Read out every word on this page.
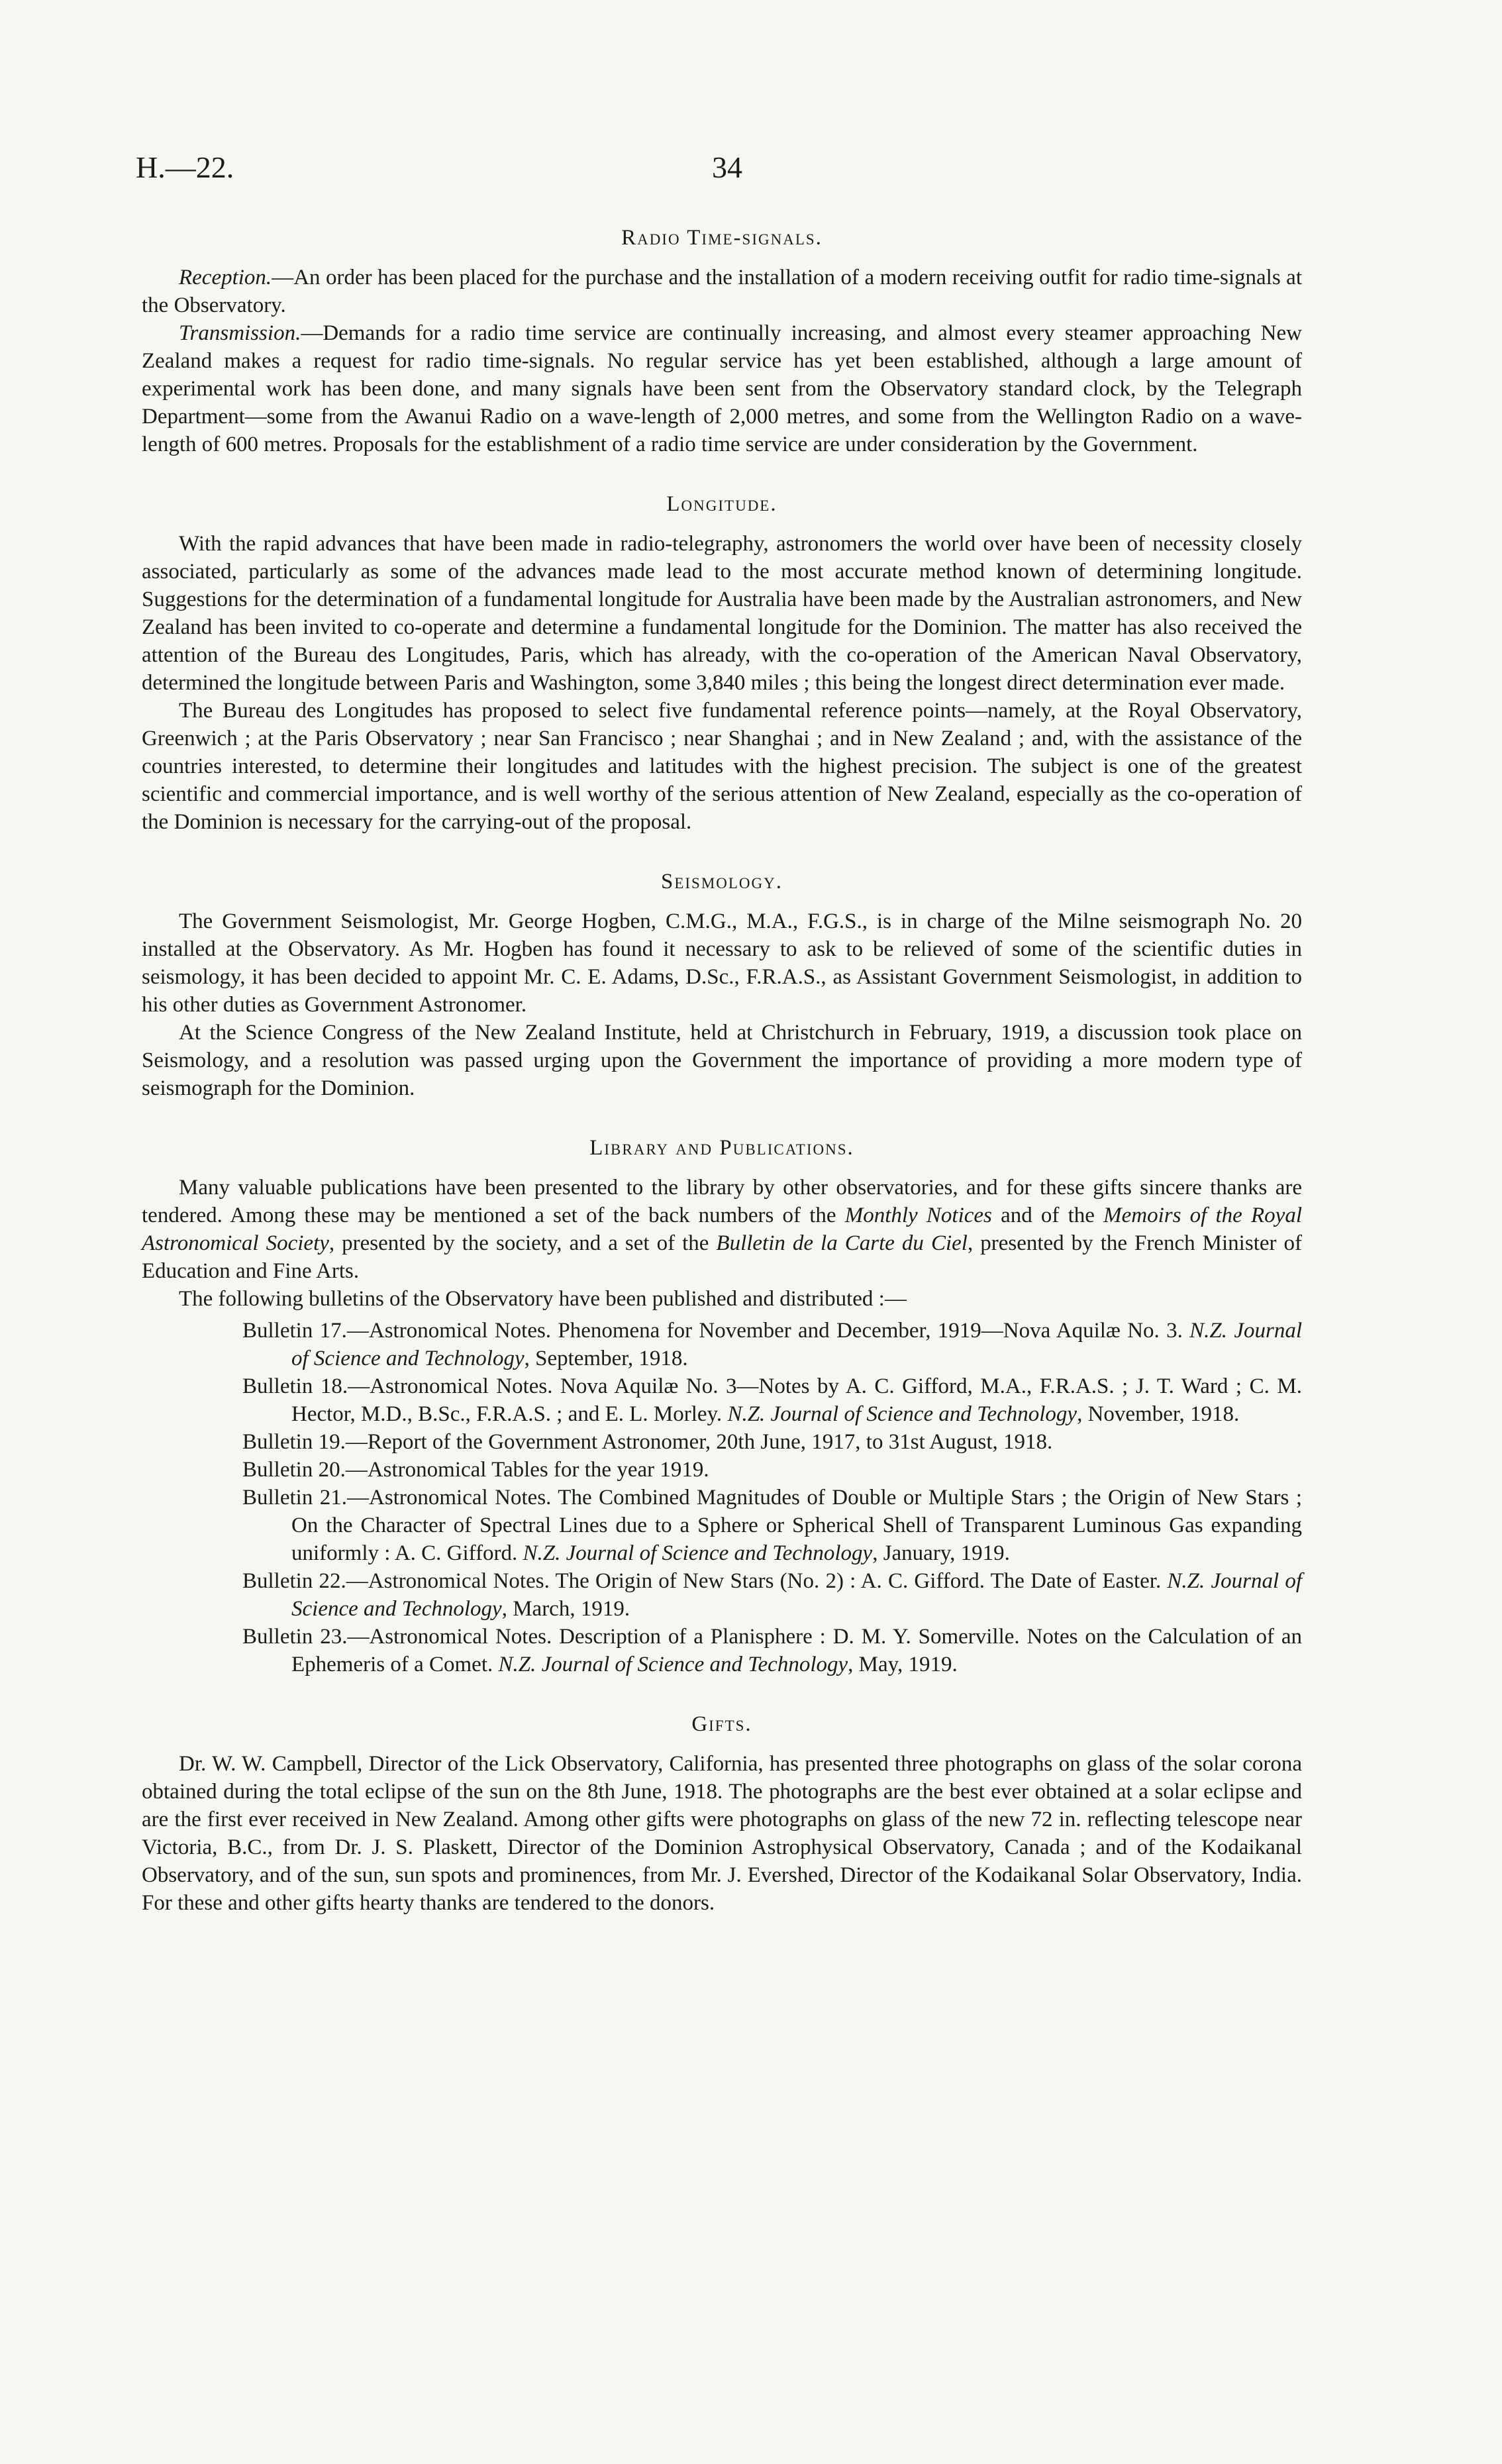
H.—22.	34
Radio Time-signals.

Reception.—An order has been placed for the purchase and the installation of a modern receiving outfit for radio time-signals at the Observatory.

Transmission.—Demands for a radio time service are continually increasing, and almost every steamer approaching New Zealand makes a request for radio time-signals. No regular service has yet been established, although a large amount of experimental work has been done, and many signals have been sent from the Observatory standard clock, by the Telegraph Department—some from the Awanui Radio on a wave-length of 2,000 metres, and some from the Wellington Radio on a wave-length of 600 metres. Proposals for the establishment of a radio time service are under consideration by the Government.

Longitude.

With the rapid advances that have been made in radio-telegraphy, astronomers the world over have been of necessity closely associated, particularly as some of the advances made lead to the most accurate method known of determining longitude. Suggestions for the determination of a fundamental longitude for Australia have been made by the Australian astronomers, and New Zealand has been invited to co-operate and determine a fundamental longitude for the Dominion. The matter has also received the attention of the Bureau des Longitudes, Paris, which has already, with the co-operation of the American Naval Observatory, determined the longitude between Paris and Washington, some 3,840 miles ; this being the longest direct determination ever made.

The Bureau des Longitudes has proposed to select five fundamental reference points—namely, at the Royal Observatory, Greenwich ; at the Paris Observatory ; near San Francisco ; near Shanghai ; and in New Zealand ; and, with the assistance of the countries interested, to determine their longitudes and latitudes with the highest precision. The subject is one of the greatest scientific and commercial importance, and is well worthy of the serious attention of New Zealand, especially as the co-operation of the Dominion is necessary for the carrying-out of the proposal.

Seismology.

The Government Seismologist, Mr. George Hogben, C.M.G., M.A., F.G.S., is in charge of the Milne seismograph No. 20 installed at the Observatory. As Mr. Hogben has found it necessary to ask to be relieved of some of the scientific duties in seismology, it has been decided to appoint Mr. C. E. Adams, D.Sc., F.R.A.S., as Assistant Government Seismologist, in addition to his other duties as Government Astronomer.

At the Science Congress of the New Zealand Institute, held at Christchurch in February, 1919, a discussion took place on Seismology, and a resolution was passed urging upon the Government the importance of providing a more modern type of seismograph for the Dominion.

Library and Publications.

Many valuable publications have been presented to the library by other observatories, and for these gifts sincere thanks are tendered. Among these may be mentioned a set of the back numbers of the Monthly Notices and of the Memoirs of the Royal Astronomical Society, presented by the society, and a set of the Bulletin de la Carte du Ciel, presented by the French Minister of Education and Fine Arts.

The following bulletins of the Observatory have been published and distributed :—

Bulletin 17.—Astronomical Notes. Phenomena for November and December, 1919—Nova Aquilæ No. 3. N.Z. Journal of Science and Technology, September, 1918.

Bulletin 18.—Astronomical Notes. Nova Aquilæ No. 3—Notes by A. C. Gifford, M.A., F.R.A.S. ; J. T. Ward ; C. M. Hector, M.D., B.Sc., F.R.A.S. ; and E. L. Morley. N.Z. Journal of Science and Technology, November, 1918.

Bulletin 19.—Report of the Government Astronomer, 20th June, 1917, to 31st August, 1918.

Bulletin 20.—Astronomical Tables for the year 1919.

Bulletin 21.—Astronomical Notes. The Combined Magnitudes of Double or Multiple Stars ; the Origin of New Stars ; On the Character of Spectral Lines due to a Sphere or Spherical Shell of Transparent Luminous Gas expanding uniformly : A. C. Gifford. N.Z. Journal of Science and Technology, January, 1919.

Bulletin 22.—Astronomical Notes. The Origin of New Stars (No. 2) : A. C. Gifford. The Date of Easter. N.Z. Journal of Science and Technology, March, 1919.

Bulletin 23.—Astronomical Notes. Description of a Planisphere : D. M. Y. Somerville. Notes on the Calculation of an Ephemeris of a Comet. N.Z. Journal of Science and Technology, May, 1919.

Gifts.

Dr. W. W. Campbell, Director of the Lick Observatory, California, has presented three photographs on glass of the solar corona obtained during the total eclipse of the sun on the 8th June, 1918. The photographs are the best ever obtained at a solar eclipse and are the first ever received in New Zealand. Among other gifts were photographs on glass of the new 72 in. reflecting telescope near Victoria, B.C., from Dr. J. S. Plaskett, Director of the Dominion Astrophysical Observatory, Canada ; and of the Kodaikanal Observatory, and of the sun, sun spots and prominences, from Mr. J. Evershed, Director of the Kodaikanal Solar Observatory, India. For these and other gifts hearty thanks are tendered to the donors.
